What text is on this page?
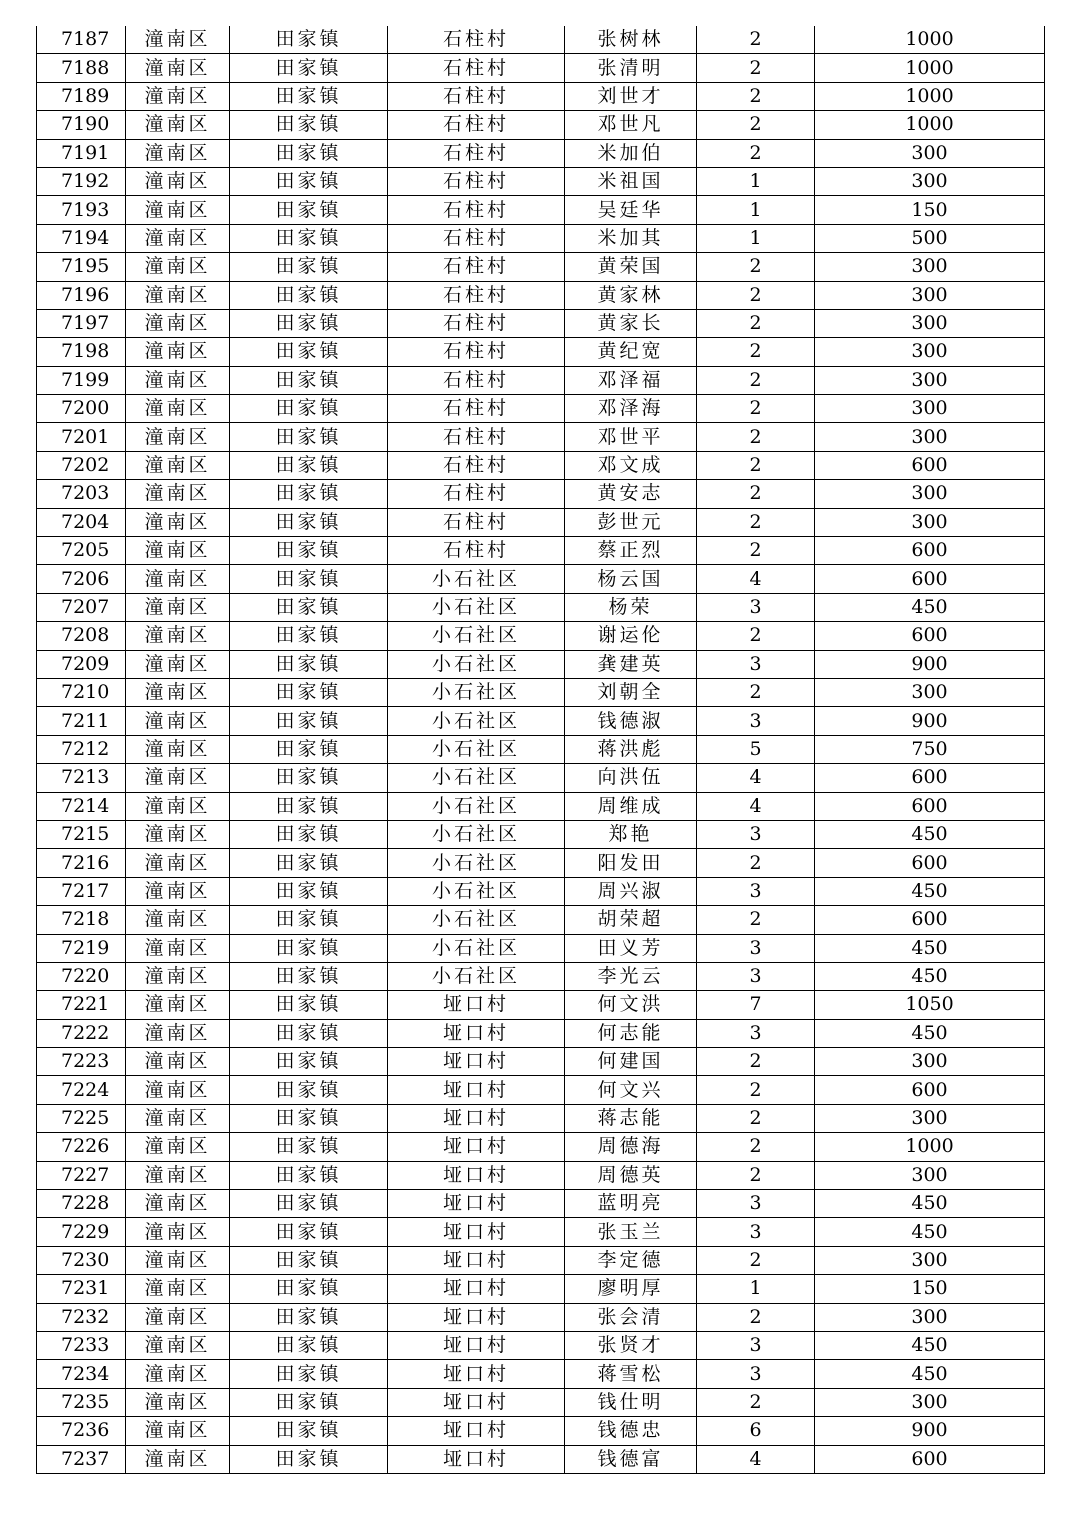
7187	潼南区	田家镇	石柱村	张树林	2	1000
7188	潼南区	田家镇	石柱村	张清明	2	1000
7189	潼南区	田家镇	石柱村	刘世才	2	1000
7190	潼南区	田家镇	石柱村	邓世凡	2	1000
7191	潼南区	田家镇	石柱村	米加伯	2	300
7192	潼南区	田家镇	石柱村	米祖国	1	300
7193	潼南区	田家镇	石柱村	吴廷华	1	150
7194	潼南区	田家镇	石柱村	米加其	1	500
7195	潼南区	田家镇	石柱村	黄荣国	2	300
7196	潼南区	田家镇	石柱村	黄家林	2	300
7197	潼南区	田家镇	石柱村	黄家长	2	300
7198	潼南区	田家镇	石柱村	黄纪宽	2	300
7199	潼南区	田家镇	石柱村	邓泽福	2	300
7200	潼南区	田家镇	石柱村	邓泽海	2	300
7201	潼南区	田家镇	石柱村	邓世平	2	300
7202	潼南区	田家镇	石柱村	邓文成	2	600
7203	潼南区	田家镇	石柱村	黄安志	2	300
7204	潼南区	田家镇	石柱村	彭世元	2	300
7205	潼南区	田家镇	石柱村	蔡正烈	2	600
7206	潼南区	田家镇	小石社区	杨云国	4	600
7207	潼南区	田家镇	小石社区	杨荣	3	450
7208	潼南区	田家镇	小石社区	谢运伦	2	600
7209	潼南区	田家镇	小石社区	龚建英	3	900
7210	潼南区	田家镇	小石社区	刘朝全	2	300
7211	潼南区	田家镇	小石社区	钱德淑	3	900
7212	潼南区	田家镇	小石社区	蒋洪彪	5	750
7213	潼南区	田家镇	小石社区	向洪伍	4	600
7214	潼南区	田家镇	小石社区	周维成	4	600
7215	潼南区	田家镇	小石社区	郑艳	3	450
7216	潼南区	田家镇	小石社区	阳发田	2	600
7217	潼南区	田家镇	小石社区	周兴淑	3	450
7218	潼南区	田家镇	小石社区	胡荣超	2	600
7219	潼南区	田家镇	小石社区	田义芳	3	450
7220	潼南区	田家镇	小石社区	李光云	3	450
7221	潼南区	田家镇	垭口村	何文洪	7	1050
7222	潼南区	田家镇	垭口村	何志能	3	450
7223	潼南区	田家镇	垭口村	何建国	2	300
7224	潼南区	田家镇	垭口村	何文兴	2	600
7225	潼南区	田家镇	垭口村	蒋志能	2	300
7226	潼南区	田家镇	垭口村	周德海	2	1000
7227	潼南区	田家镇	垭口村	周德英	2	300
7228	潼南区	田家镇	垭口村	蓝明亮	3	450
7229	潼南区	田家镇	垭口村	张玉兰	3	450
7230	潼南区	田家镇	垭口村	李定德	2	300
7231	潼南区	田家镇	垭口村	廖明厚	1	150
7232	潼南区	田家镇	垭口村	张会清	2	300
7233	潼南区	田家镇	垭口村	张贤才	3	450
7234	潼南区	田家镇	垭口村	蒋雪松	3	450
7235	潼南区	田家镇	垭口村	钱仕明	2	300
7236	潼南区	田家镇	垭口村	钱德忠	6	900
7237	潼南区	田家镇	垭口村	钱德富	4	600
